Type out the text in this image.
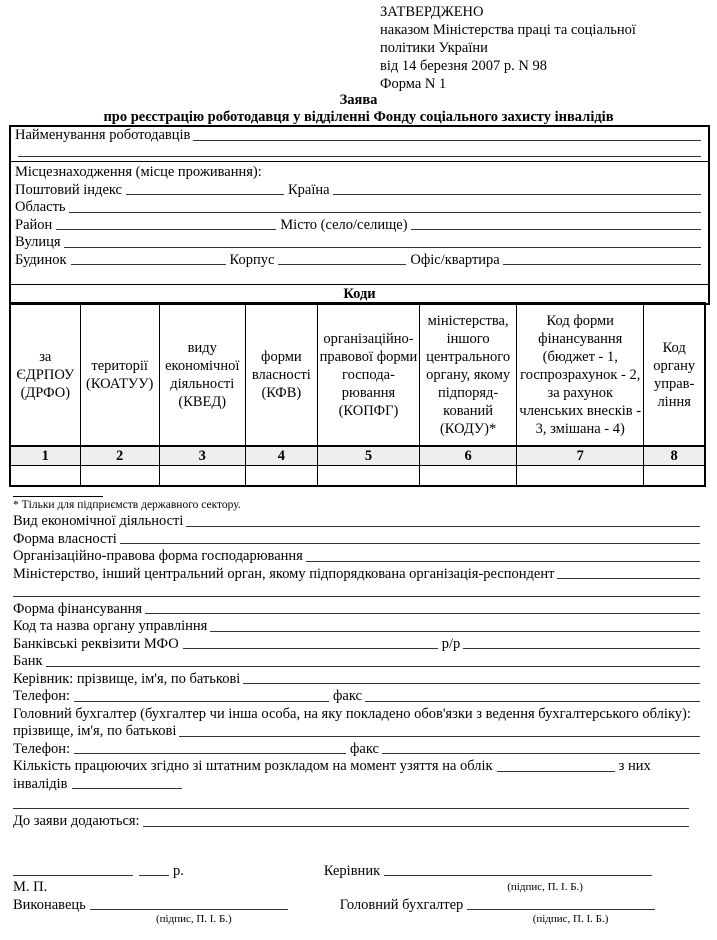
ЗАТВЕРДЖЕНО
наказом Міністерства праці та соціальної
політики України
від 14 березня 2007 р. N 98
Форма N 1
Заява
про реєстрацію роботодавця у відділенні Фонду соціального захисту інвалідів
Найменування роботодавців
Місцезнаходження (місце проживання):
Поштовий індекс	Країна
Область
Район	Місто (село/селище)
Вулиця
Будинок	Корпус	Офіс/квартира
Коди
за ЄДРПОУ (ДРФО)	території (КОАТУУ)	виду економічної діяльності (КВЕД)	форми власності (КФВ)	організаційно-правової форми господа-рювання (КОПФГ)	міністерства, іншого центрального органу, якому підпоряд-кований (КОДУ)*	Код форми фінансування (бюджет - 1, госпрозрахунок - 2, за рахунок членських внесків - 3, змішана - 4)	Код органу управ-ління
1	2	3	4	5	6	7	8

* Тільки для підприємств державного сектору.
Вид економічної діяльності
Форма власності
Організаційно-правова форма господарювання
Міністерство, інший центральний орган, якому підпорядкована організація-респондент
Форма фінансування
Код та назва органу управління
Банківські реквізити МФО	р/р
Банк
Керівник: прізвище, ім'я, по батькові
Телефон:	факс
Головний бухгалтер (бухгалтер чи інша особа, на яку покладено обов'язки з ведення бухгалтерського обліку):
прізвище, ім'я, по батькові
Телефон:	факс
Кількість працюючих згідно зі штатним розкладом на момент узяття на облік	з них
інвалідів
До заяви додаються:
р.	Керівник
М. П.	(підпис, П. І. Б.)
Виконавець	Головний бухгалтер
(підпис, П. І. Б.)	(підпис, П. І. Б.)
